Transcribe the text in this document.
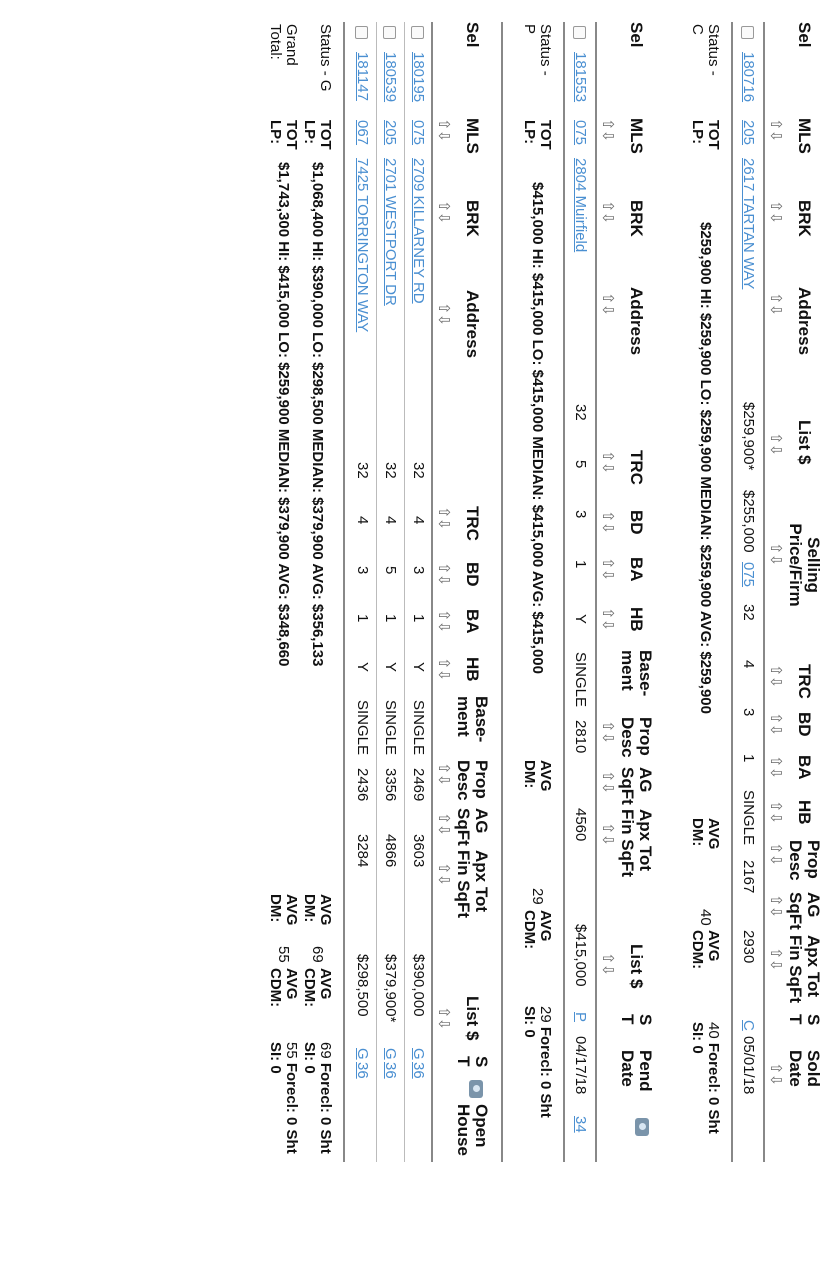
Sel
MLS
BRK
Address
List $
Selling
Price/Firm
TRC
BD
BA
HB
Prop
Desc
AG
SqFt
Apx Tot
Fin SqFt
S
T
Sold
Date
⇧⇩
⇧⇩
⇧⇩
⇧⇩
⇧⇩
⇧⇩
⇧⇩
⇧⇩
⇧⇩
⇧⇩
⇧⇩
⇧⇩
⇧⇩
180716
205
2617 TARTAN WAY
$259,900*
$255,000
075
32
4
3
1
SINGLE
2167
2930
C
05/01/18
Status -
C
TOT
LP:
$259,900 HI: $259,900 LO: $259,900 MEDIAN: $259,900 AVG: $259,900
AVG
DM:
40
AVG
CDM:
40 Forecl: 0 Sht
SI: 0
Sel
MLS
BRK
Address
TRC
BD
BA
HB
Base-
ment
Prop
Desc
AG
SqFt
Apx Tot
Fin SqFt
List $
S
T
Pend
Date
⇧⇩
⇧⇩
⇧⇩
⇧⇩
⇧⇩
⇧⇩
⇧⇩
⇧⇩
⇧⇩
⇧⇩
⇧⇩
181553
075
2804 Muirfield
32
5
3
1
Y
SINGLE
2810
4560
$415,000
P
04/17/18
34
Status -
P
TOT
LP:
$415,000 HI: $415,000 LO: $415,000 MEDIAN: $415,000 AVG: $415,000
AVG
DM:
29
AVG
CDM:
29 Forecl: 0 Sht
SI: 0
Sel
MLS
BRK
Address
TRC
BD
BA
HB
Base-
ment
Prop
Desc
AG
SqFt
Apx Tot
Fin SqFt
List $
S
T
Open
House
⇧⇩
⇧⇩
⇧⇩
⇧⇩
⇧⇩
⇧⇩
⇧⇩
⇧⇩
⇧⇩
⇧⇩
⇧⇩
180195
075
2709 KILLARNEY RD
32
4
3
1
Y
SINGLE
2469
3603
$390,000
G
36
180539
205
2701 WESTPORT DR
32
4
5
1
Y
SINGLE
3356
4866
$379,900*
G
36
181147
067
7425 TORRINGTON WAY
32
4
3
1
Y
SINGLE
2436
3284
$298,500
G
36
Status - G
TOT
LP:
$1,068,400 HI: $390,000 LO: $298,500 MEDIAN: $379,900 AVG: $356,133
AVG
DM:
69
AVG
CDM:
69 Forecl: 0 Sht
SI: 0
Grand
Total:
TOT
LP:
$1,743,300 HI: $415,000 LO: $259,900 MEDIAN: $379,900 AVG: $348,660
AVG
DM:
55
AVG
CDM:
55 Forecl: 0 Sht
SI: 0
